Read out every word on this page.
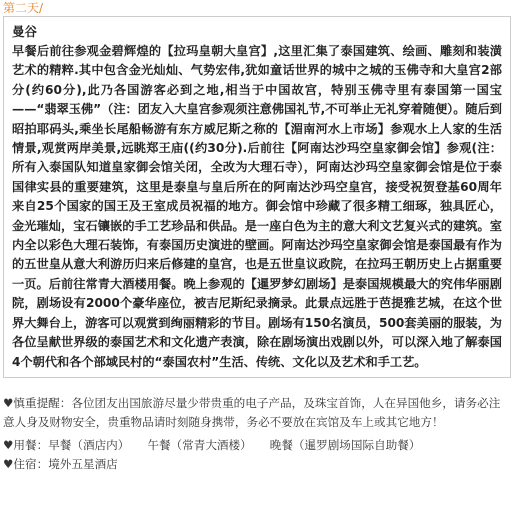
第二天/
曼谷

早餐后前往参观金碧辉煌的【拉玛皇朝大皇宫】,这里汇集了泰国建筑、绘画、雕刻和装潢艺术的精粹.其中包含金光灿灿、气势宏伟,犹如童话世界的城中之城的玉佛寺和大皇宫2部分(约60分),此乃各国游客必到之地,相当于中国故宫，特别玉佛寺里有泰国第一国宝——“翡翠玉佛”（注：团友入大皇宫参观须注意佛国礼节,不可举止无礼穿着随便）。随后到昭拍耶码头,乘坐长尾船畅游有东方威尼斯之称的【湄南河水上市场】参观水上人家的生活情景,观赏两岸美景,远眺郑王庙((约30分).后前往【阿南达沙玛空皇家御会馆】参观(注：所有入泰国队知道皇家御会馆关闭，全改为大理石寺），阿南达沙玛空皇家御会馆是位于泰国律实县的重要建筑，这里是泰皇与皇后所在的阿南达沙玛空皇宫，接受祝贺登基60周年来自25个国家的国王及王室成员祝福的地方。御会馆中珍藏了很多精工细琢，独具匠心，金光璀灿，宝石镶嵌的手工艺珍品和供品。是一座白色为主的意大利文艺复兴式的建筑。室内全以彩色大理石装饰，有泰国历史演进的壁画。阿南达沙玛空皇家御会馆是泰国最有作为的五世皇从意大利游历归来后修建的皇宫，也是五世皇议政院，在拉玛王朝历史上占据重要一页。后前往常青大酒楼用餐。晚上参观的【暹罗梦幻剧场】是泰国规模最大的究伟华丽剧院，剧场设有2000个豪华座位，被吉尼斯纪录摘录。此景点远胜于芭提雅艺城，在这个世界大舞台上，游客可以观赏到绚丽精彩的节目。剧场有150名演员，500套美丽的服装，为各位呈献世界级的泰国艺术和文化遗产表演，除在剧场演出戏剧以外，可以深入地了解泰国4个朝代和各个部域民村的“泰国农村”生活、传统、文化以及艺术和手工艺。

♥慎重提醒：各位团友出国旅游尽量少带贵重的电子产品，及珠宝首饰，人在异国他乡，请务必注意人身及财物安全，贵重物品请时刻随身携带，务必不要放在宾馆及车上或其它地方！

♥用餐：早餐（酒店内） 午餐（常青大酒楼） 晚餐（暹罗剧场国际自助餐）

♥住宿：境外五星酒店
